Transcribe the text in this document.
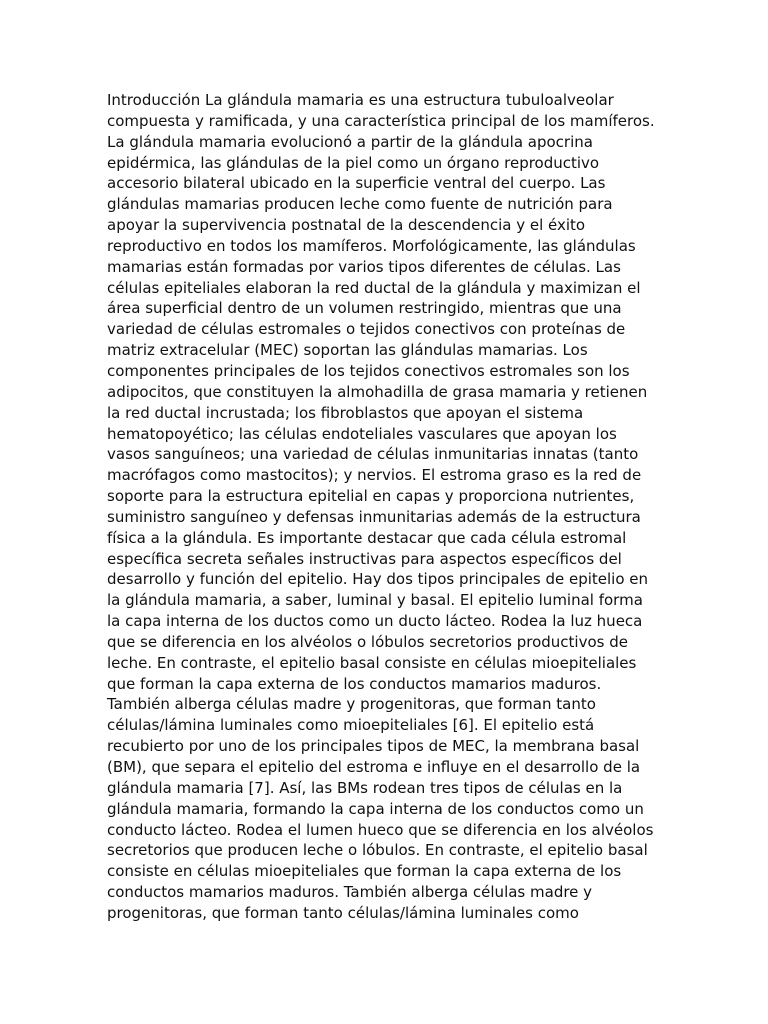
Introducción La glándula mamaria es una estructura tubuloalveolar
compuesta y ramificada, y una característica principal de los mamíferos.
La glándula mamaria evolucionó a partir de la glándula apocrina
epidérmica, las glándulas de la piel como un órgano reproductivo
accesorio bilateral ubicado en la superficie ventral del cuerpo. Las
glándulas mamarias producen leche como fuente de nutrición para
apoyar la supervivencia postnatal de la descendencia y el éxito
reproductivo en todos los mamíferos. Morfológicamente, las glándulas
mamarias están formadas por varios tipos diferentes de células. Las
células epiteliales elaboran la red ductal de la glándula y maximizan el
área superficial dentro de un volumen restringido, mientras que una
variedad de células estromales o tejidos conectivos con proteínas de
matriz extracelular (MEC) soportan las glándulas mamarias. Los
componentes principales de los tejidos conectivos estromales son los
adipocitos, que constituyen la almohadilla de grasa mamaria y retienen
la red ductal incrustada; los fibroblastos que apoyan el sistema
hematopoyético; las células endoteliales vasculares que apoyan los
vasos sanguíneos; una variedad de células inmunitarias innatas (tanto
macrófagos como mastocitos); y nervios. El estroma graso es la red de
soporte para la estructura epitelial en capas y proporciona nutrientes,
suministro sanguíneo y defensas inmunitarias además de la estructura
física a la glándula. Es importante destacar que cada célula estromal
específica secreta señales instructivas para aspectos específicos del
desarrollo y función del epitelio. Hay dos tipos principales de epitelio en
la glándula mamaria, a saber, luminal y basal. El epitelio luminal forma
la capa interna de los ductos como un ducto lácteo. Rodea la luz hueca
que se diferencia en los alvéolos o lóbulos secretorios productivos de
leche. En contraste, el epitelio basal consiste en células mioepiteliales
que forman la capa externa de los conductos mamarios maduros.
También alberga células madre y progenitoras, que forman tanto
células/lámina luminales como mioepiteliales [6]. El epitelio está
recubierto por uno de los principales tipos de MEC, la membrana basal
(BM), que separa el epitelio del estroma e influye en el desarrollo de la
glándula mamaria [7]. Así, las BMs rodean tres tipos de células en la
glándula mamaria, formando la capa interna de los conductos como un
conducto lácteo. Rodea el lumen hueco que se diferencia en los alvéolos
secretorios que producen leche o lóbulos. En contraste, el epitelio basal
consiste en células mioepiteliales que forman la capa externa de los
conductos mamarios maduros. También alberga células madre y
progenitoras, que forman tanto células/lámina luminales como
